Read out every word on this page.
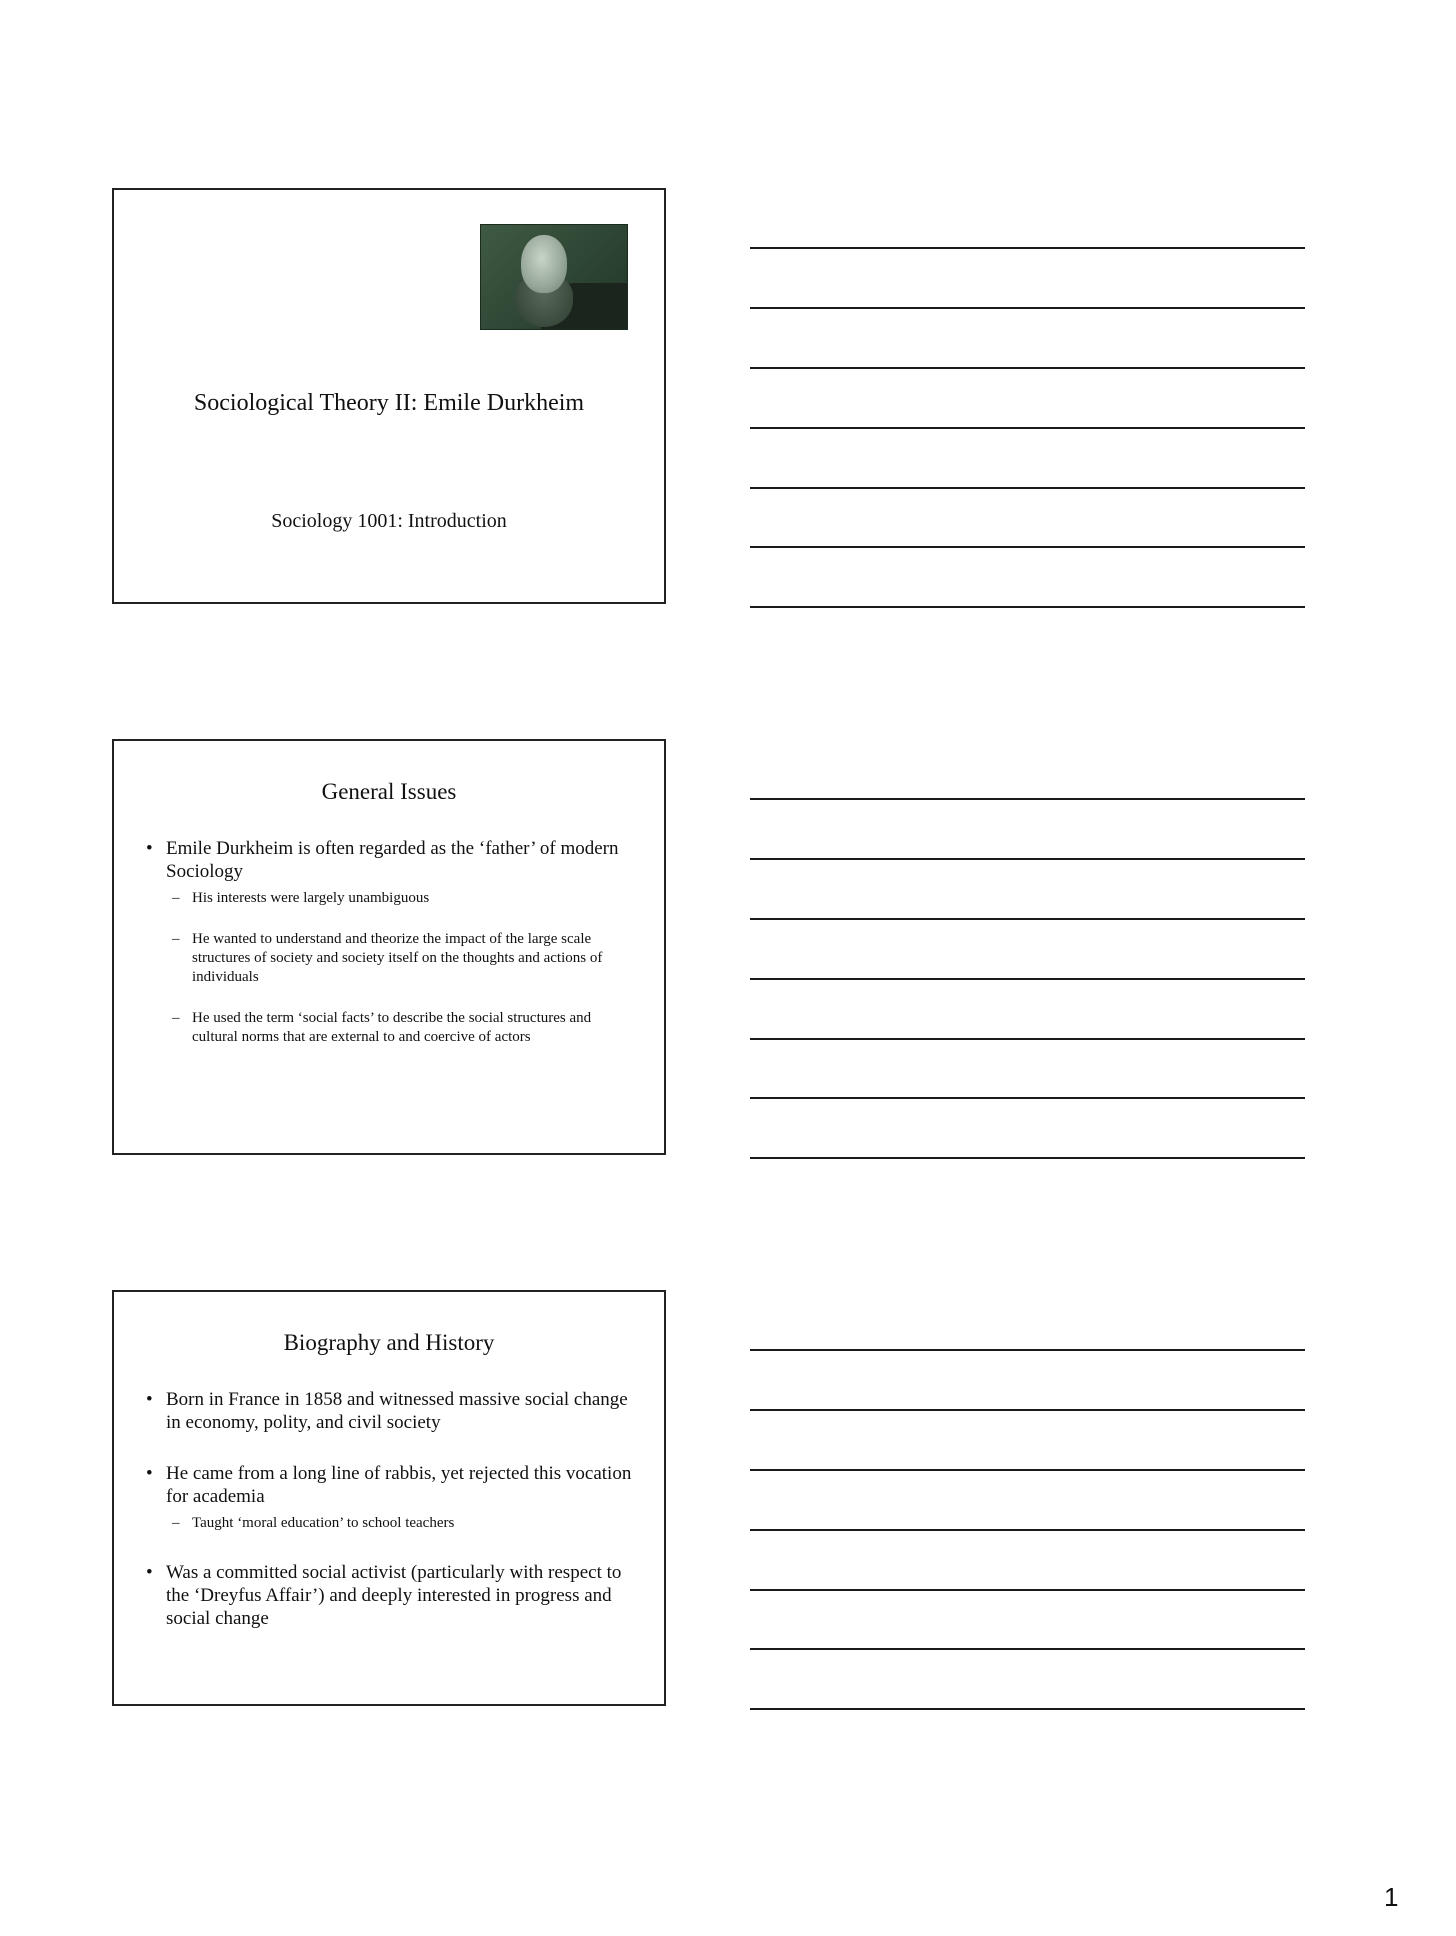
Sociological Theory II: Emile Durkheim
Sociology 1001: Introduction
General Issues
• Emile Durkheim is often regarded as the ‘father’ of modern Sociology
– His interests were largely unambiguous
– He wanted to understand and theorize the impact of the large scale structures of society and society itself on the thoughts and actions of individuals
– He used the term ‘social facts’ to describe the social structures and cultural norms that are external to and coercive of actors
Biography and History
• Born in France in 1858 and witnessed massive social change in economy, polity, and civil society
• He came from a long line of rabbis, yet rejected this vocation for academia
– Taught ‘moral education’ to school teachers
• Was a committed social activist (particularly with respect to the ‘Dreyfus Affair’) and deeply interested in progress and social change
1
